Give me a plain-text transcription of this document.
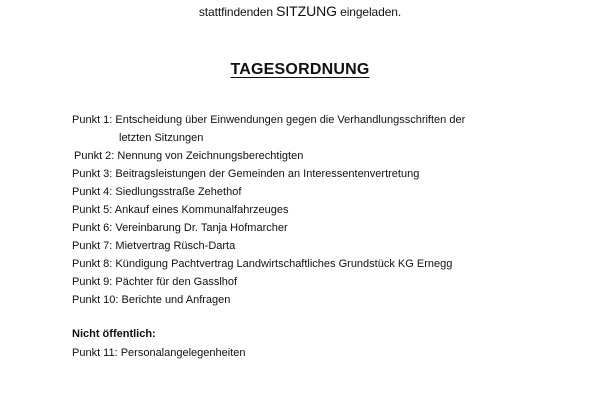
stattfindenden SITZUNG eingeladen.
TAGESORDNUNG
Punkt 1: Entscheidung über Einwendungen gegen die Verhandlungsschriften der
letzten Sitzungen
Punkt 2: Nennung von Zeichnungsberechtigten
Punkt 3: Beitragsleistungen der Gemeinden an Interessentenvertretung
Punkt 4: Siedlungsstraße Zehethof
Punkt 5: Ankauf eines Kommunalfahrzeuges
Punkt 6: Vereinbarung Dr. Tanja Hofmarcher
Punkt 7: Mietvertrag Rüsch-Darta
Punkt 8: Kündigung Pachtvertrag Landwirtschaftliches Grundstück KG Ernegg
Punkt 9: Pächter für den Gasslhof
Punkt 10: Berichte und Anfragen
Nicht öffentlich:
Punkt 11: Personalangelegenheiten
